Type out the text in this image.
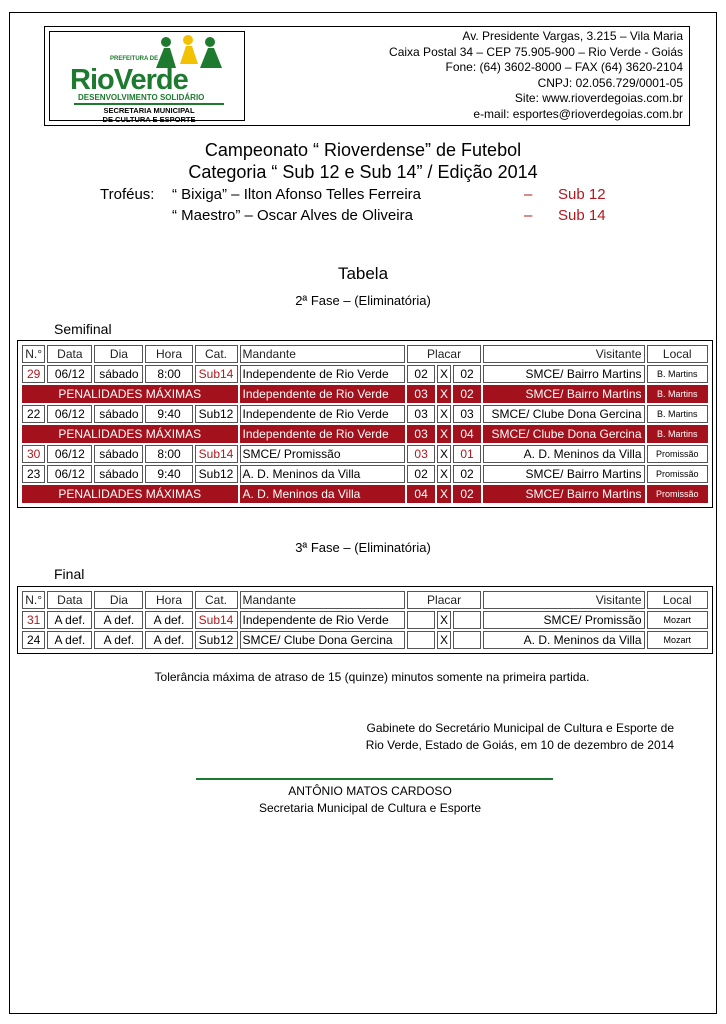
PREFEITURA DE
RioVerde
DESENVOLVIMENTO SOLIDÁRIO
SECRETARIA MUNICIPAL
DE CULTURA E ESPORTE
Av. Presidente Vargas, 3.215 – Vila Maria
Caixa Postal 34 – CEP 75.905-900 – Rio Verde - Goiás
Fone: (64) 3602-8000 – FAX (64) 3620-2104
CNPJ: 02.056.729/0001-05
Site: www.rioverdegoias.com.br
e-mail: esportes@rioverdegoias.com.br
Campeonato “ Rioverdense” de Futebol
Categoria “ Sub 12 e Sub 14” / Edição 2014
Troféus: “ Bixiga” – Ilton Afonso Telles Ferreira	– Sub 12
“ Maestro” – Oscar Alves de Oliveira	– Sub 14
Tabela
2ª Fase – (Eliminatória)
Semifinal
N.°	Data	Dia	Hora	Cat.	Mandante	Placar			Visitante	Local
29	06/12	sábado	8:00	Sub14	Independente de Rio Verde	02	X	02	SMCE/ Bairro Martins	B. Martins
PENALIDADES MÁXIMAS					Independente de Rio Verde	03	X	02	SMCE/ Bairro Martins	B. Martins
22	06/12	sábado	9:40	Sub12	Independente de Rio Verde	03	X	03	SMCE/ Clube Dona Gercina	B. Martins
PENALIDADES MÁXIMAS					Independente de Rio Verde	03	X	04	SMCE/ Clube Dona Gercina	B. Martins
30	06/12	sábado	8:00	Sub14	SMCE/ Promissão	03	X	01	A. D. Meninos da Villa	Promissão
23	06/12	sábado	9:40	Sub12	A. D. Meninos da Villa	02	X	02	SMCE/ Bairro Martins	Promissão
PENALIDADES MÁXIMAS					A. D. Meninos da Villa	04	X	02	SMCE/ Bairro Martins	Promissão
3ª Fase – (Eliminatória)
Final
N.°	Data	Dia	Hora	Cat.	Mandante	Placar			Visitante	Local
31	A def.	A def.	A def.	Sub14	Independente de Rio Verde		X		SMCE/ Promissão	Mozart
24	A def.	A def.	A def.	Sub12	SMCE/ Clube Dona Gercina		X		A. D. Meninos da Villa	Mozart
Tolerância máxima de atraso de 15 (quinze) minutos somente na primeira partida.
Gabinete do Secretário Municipal de Cultura e Esporte de
Rio Verde, Estado de Goiás, em 10 de dezembro de 2014
ANTÔNIO MATOS CARDOSO
Secretaria Municipal de Cultura e Esporte
